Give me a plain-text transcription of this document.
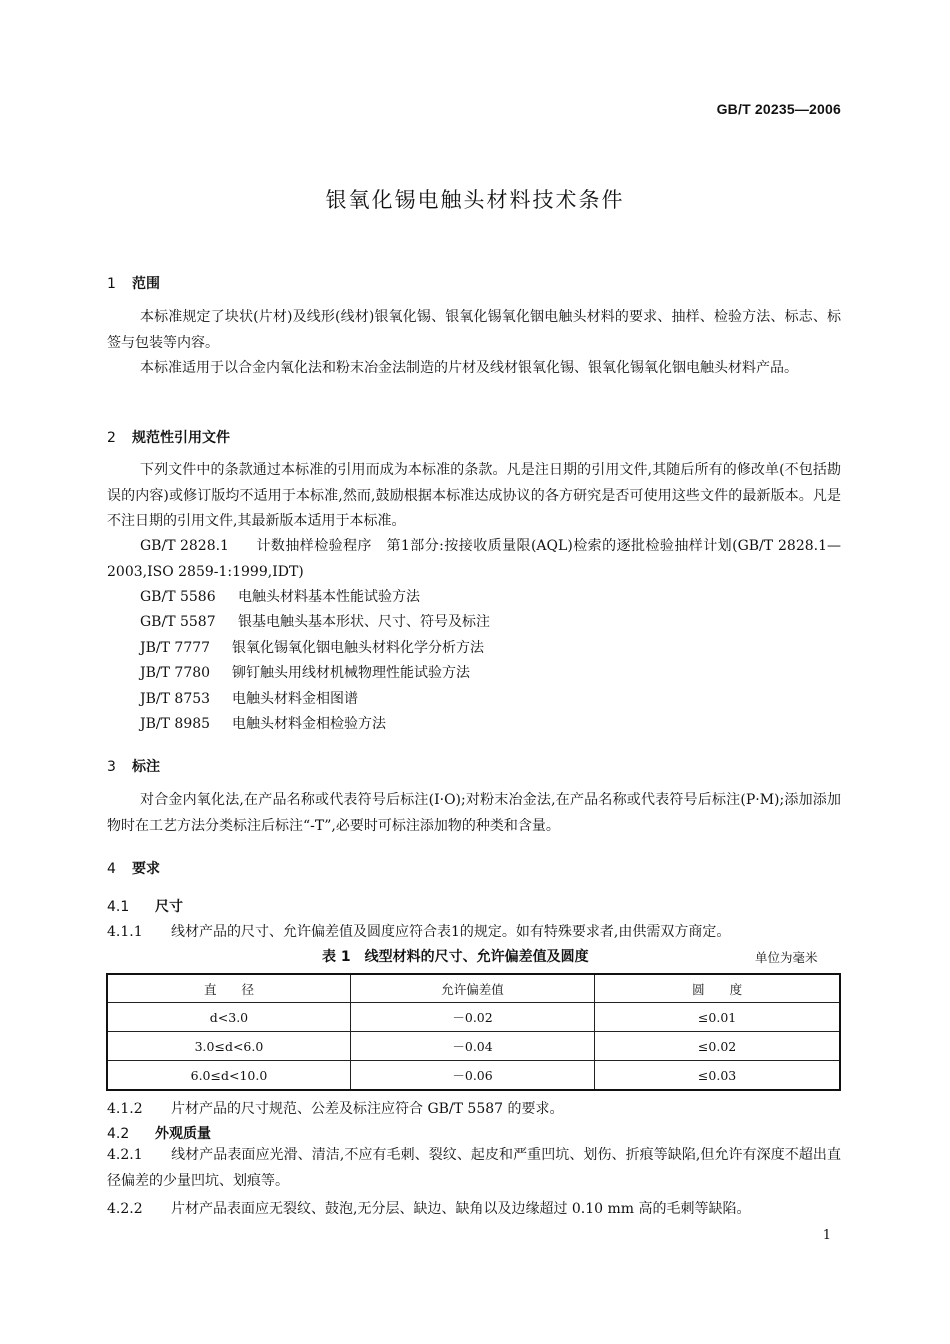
GB/T 20235—2006
银氧化锡电触头材料技术条件
1 范围
本标准规定了块状(片材)及线形(线材)银氧化锡、银氧化锡氧化铟电触头材料的要求、抽样、检验方法、标志、标签与包装等内容。
本标准适用于以合金内氧化法和粉末冶金法制造的片材及线材银氧化锡、银氧化锡氧化铟电触头材料产品。
2 规范性引用文件
下列文件中的条款通过本标准的引用而成为本标准的条款。凡是注日期的引用文件,其随后所有的修改单(不包括勘误的内容)或修订版均不适用于本标准,然而,鼓励根据本标准达成协议的各方研究是否可使用这些文件的最新版本。凡是不注日期的引用文件,其最新版本适用于本标准。
GB/T 2828.1 计数抽样检验程序　第1部分:按接收质量限(AQL)检索的逐批检验抽样计划(GB/T 2828.1—2003,ISO 2859-1:1999,IDT)
GB/T 5586 电触头材料基本性能试验方法
GB/T 5587 银基电触头基本形状、尺寸、符号及标注
JB/T 7777 银氧化锡氧化铟电触头材料化学分析方法
JB/T 7780 铆钉触头用线材机械物理性能试验方法
JB/T 8753 电触头材料金相图谱
JB/T 8985 电触头材料金相检验方法
3 标注
对合金内氧化法,在产品名称或代表符号后标注(I·O);对粉末冶金法,在产品名称或代表符号后标注(P·M);添加添加物时在工艺方法分类标注后标注“-T”,必要时可标注添加物的种类和含量。
4 要求
4.1 尺寸
4.1.1 线材产品的尺寸、允许偏差值及圆度应符合表1的规定。如有特殊要求者,由供需双方商定。
表 1　线型材料的尺寸、允许偏差值及圆度	单位为毫米
直　　径	允许偏差值	圆　　度
d<3.0	－0.02	≤0.01
3.0≤d<6.0	－0.04	≤0.02
6.0≤d<10.0	－0.06	≤0.03
4.1.2 片材产品的尺寸规范、公差及标注应符合 GB/T 5587 的要求。
4.2 外观质量
4.2.1 线材产品表面应光滑、清洁,不应有毛刺、裂纹、起皮和严重凹坑、划伤、折痕等缺陷,但允许有深度不超出直径偏差的少量凹坑、划痕等。
4.2.2 片材产品表面应无裂纹、鼓泡,无分层、缺边、缺角以及边缘超过 0.10 mm 高的毛刺等缺陷。
1
